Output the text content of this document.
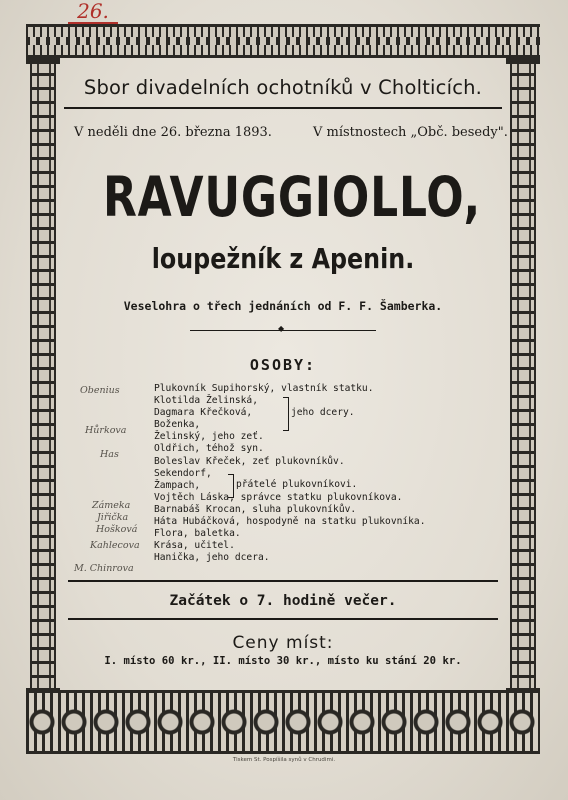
26.
Sbor divadelních ochotníků v Cholticích.
V neděli dne 26. března 1893.	V místnostech „Obč. besedy".
RAVUGGIOLLO,
loupežník z Apenin.
Veselohra o třech jednáních od F. F. Šamberka.
◆
OSOBY:
Plukovník Supihorský, vlastník statku.
Klotilda Želinská,
Dagmara Křečková,
Boženka,
Želinský, jeho zeť.
Oldřich, téhož syn.
Boleslav Křeček, zeť plukovníkův.
Sekendorf,
Žampach,
Vojtěch Láska, správce statku plukovníkova.
Barnabáš Krocan, sluha plukovníkův.
Háta Hubáčková, hospodyně na statku plukovníka.
Flora, baletka.
Krása, učitel.
Hanička, jeho dcera.
jeho dcery.
přátelé plukovníkovi.
Obenius
Hůrkova
Has
Zámeka
Jiřička
Hošková
Kahlecova
M. Chinrova
Začátek o 7. hodině večer.
Ceny míst:
I. místo 60 kr., II. místo 30 kr., místo ku stání 20 kr.
Tiskem St. Pospíšila synů v Chrudimi.
